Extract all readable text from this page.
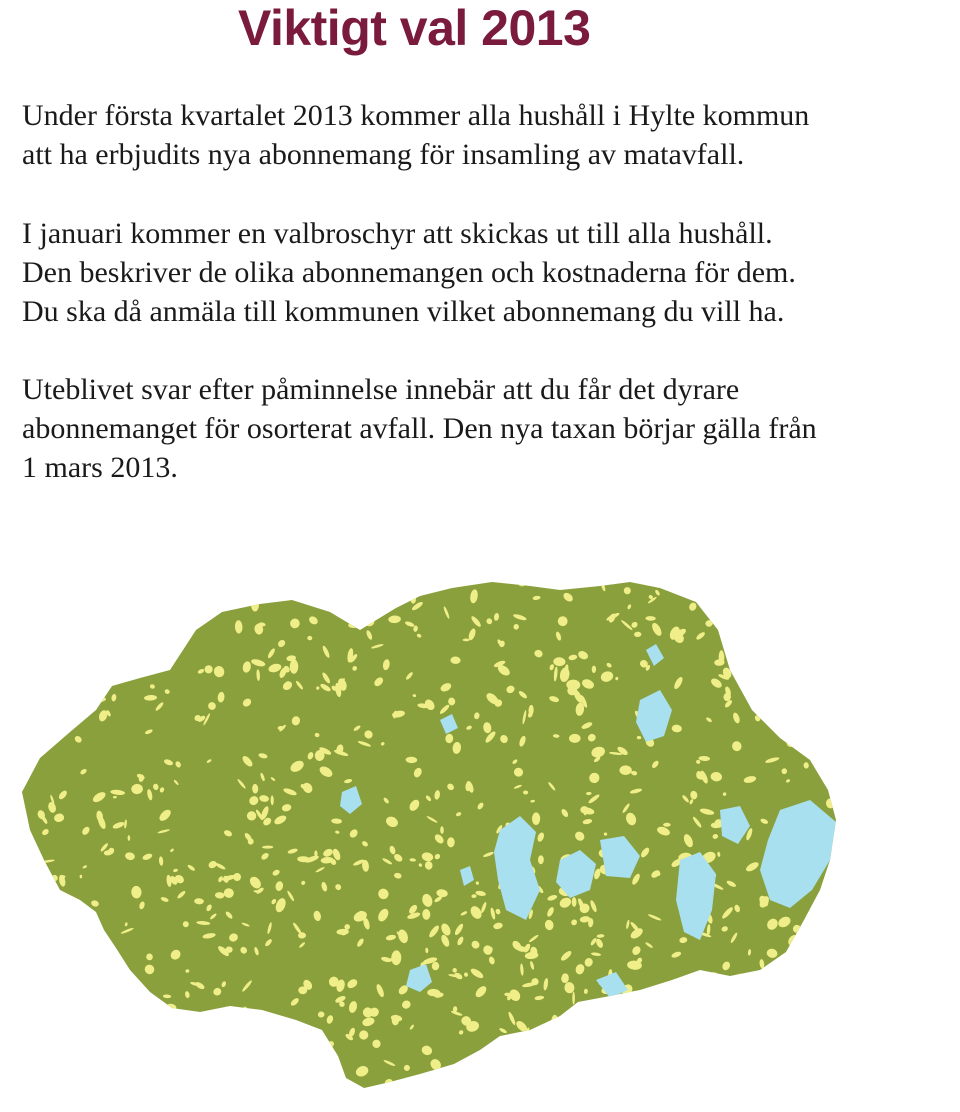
Viktigt val 2013

Under första kvartalet 2013 kommer alla hushåll i Hylte kommun
att ha erbjudits nya abonnemang för insamling av matavfall.

I januari kommer en valbroschyr att skickas ut till alla hushåll.
Den beskriver de olika abonnemangen och kostnaderna för dem.
Du ska då anmäla till kommunen vilket abonnemang du vill ha.

Uteblivet svar efter påminnelse innebär att du får det dyrare
abonnemanget för osorterat avfall. Den nya taxan börjar gälla från
1 mars 2013.
